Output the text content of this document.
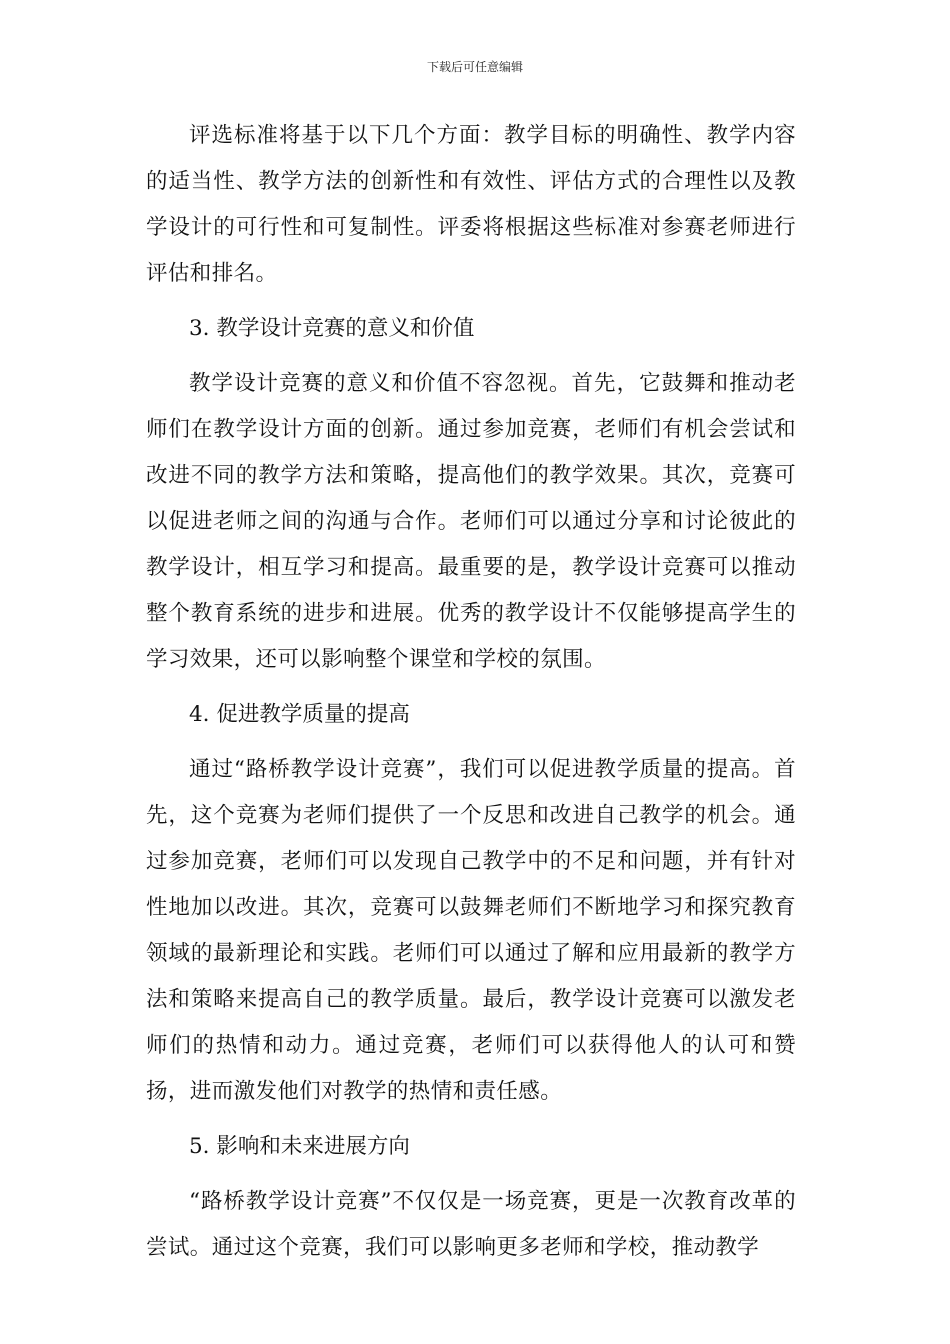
下载后可任意编辑

评选标准将基于以下几个方面：教学目标的明确性、教学内容的适当性、教学方法的创新性和有效性、评估方式的合理性以及教学设计的可行性和可复制性。评委将根据这些标准对参赛老师进行评估和排名。

3. 教学设计竞赛的意义和价值

教学设计竞赛的意义和价值不容忽视。首先，它鼓舞和推动老师们在教学设计方面的创新。通过参加竞赛，老师们有机会尝试和改进不同的教学方法和策略，提高他们的教学效果。其次，竞赛可以促进老师之间的沟通与合作。老师们可以通过分享和讨论彼此的教学设计，相互学习和提高。最重要的是，教学设计竞赛可以推动整个教育系统的进步和进展。优秀的教学设计不仅能够提高学生的学习效果，还可以影响整个课堂和学校的氛围。

4. 促进教学质量的提高

通过“路桥教学设计竞赛”，我们可以促进教学质量的提高。首先，这个竞赛为老师们提供了一个反思和改进自己教学的机会。通过参加竞赛，老师们可以发现自己教学中的不足和问题，并有针对性地加以改进。其次，竞赛可以鼓舞老师们不断地学习和探究教育领域的最新理论和实践。老师们可以通过了解和应用最新的教学方法和策略来提高自己的教学质量。最后，教学设计竞赛可以激发老师们的热情和动力。通过竞赛，老师们可以获得他人的认可和赞扬，进而激发他们对教学的热情和责任感。

5. 影响和未来进展方向

“路桥教学设计竞赛”不仅仅是一场竞赛，更是一次教育改革的尝试。通过这个竞赛，我们可以影响更多老师和学校，推动教学
